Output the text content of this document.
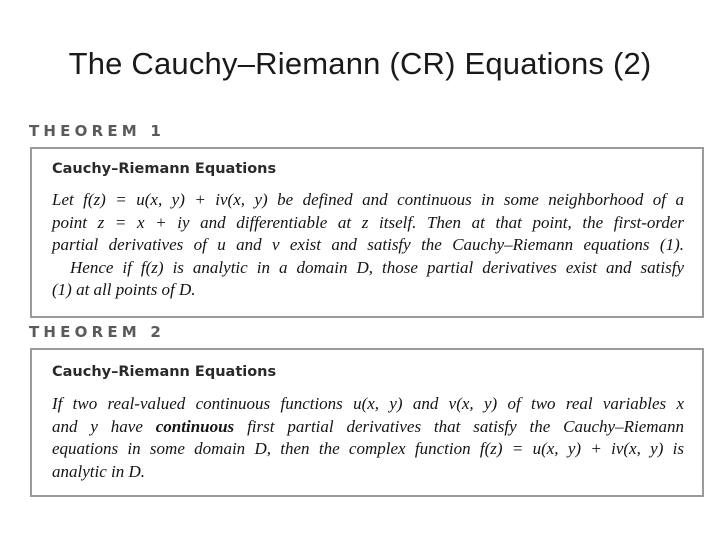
The Cauchy–Riemann (CR) Equations (2)
THEOREM 1
Cauchy–Riemann Equations
Let f(z) = u(x, y) + iv(x, y) be defined and continuous in some neighborhood of a
point z = x + iy and differentiable at z itself. Then at that point, the first-order
partial derivatives of u and v exist and satisfy the Cauchy–Riemann equations (1).
Hence if f(z) is analytic in a domain D, those partial derivatives exist and satisfy
(1) at all points of D.
THEOREM 2
Cauchy–Riemann Equations
If two real-valued continuous functions u(x, y) and v(x, y) of two real variables x
and y have continuous first partial derivatives that satisfy the Cauchy–Riemann
equations in some domain D, then the complex function f(z) = u(x, y) + iv(x, y) is
analytic in D.
